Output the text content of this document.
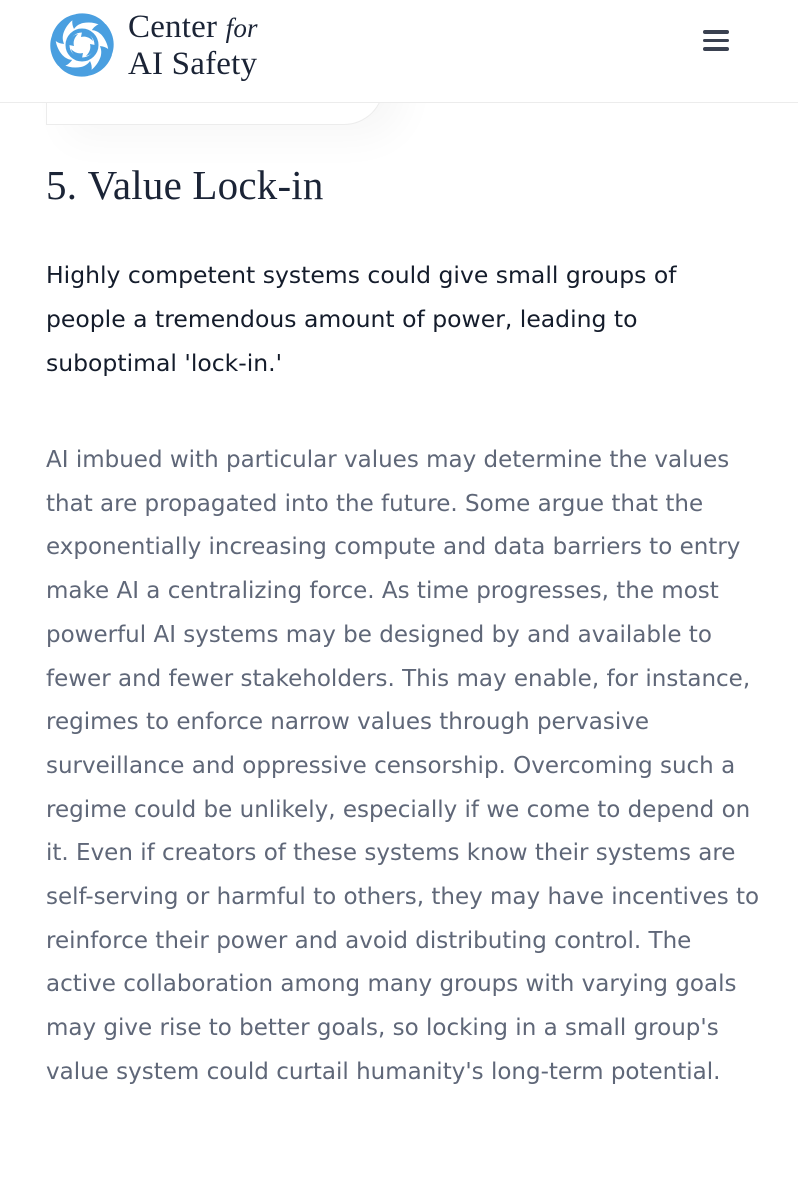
Center for
AI Safety
5. Value Lock-in

Highly competent systems could give small groups of people a tremendous amount of power, leading to suboptimal 'lock-in.'

AI imbued with particular values may determine the values that are propagated into the future. Some argue that the exponentially increasing compute and data barriers to entry make AI a centralizing force. As time progresses, the most powerful AI systems may be designed by and available to fewer and fewer stakeholders. This may enable, for instance, regimes to enforce narrow values through pervasive surveillance and oppressive censorship. Overcoming such a regime could be unlikely, especially if we come to depend on it. Even if creators of these systems know their systems are self-serving or harmful to others, they may have incentives to reinforce their power and avoid distributing control. The active collaboration among many groups with varying goals may give rise to better goals, so locking in a small group's value system could curtail humanity's long-term potential.
